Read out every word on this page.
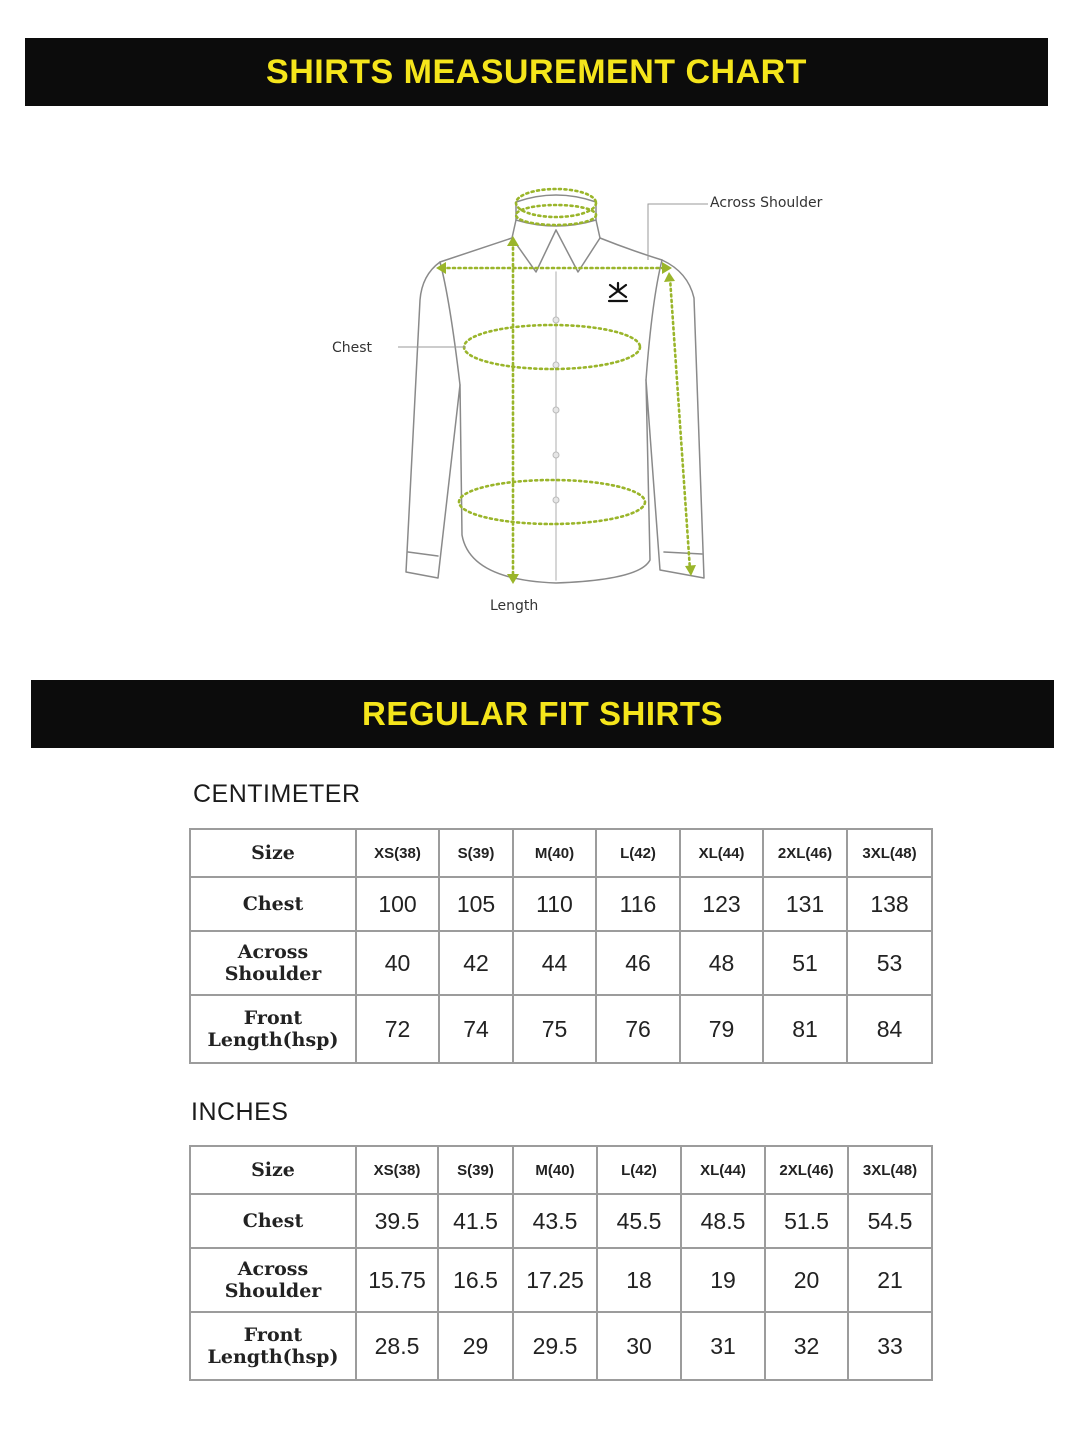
SHIRTS MEASUREMENT CHART
Across Shoulder
Chest
Length
REGULAR FIT SHIRTS
CENTIMETER
Size	XS(38)	S(39)	M(40)	L(42)	XL(44)	2XL(46)	3XL(48)
Chest	100	105	110	116	123	131	138
Across Shoulder	40	42	44	46	48	51	53
Front Length(hsp)	72	74	75	76	79	81	84
INCHES
Size	XS(38)	S(39)	M(40)	L(42)	XL(44)	2XL(46)	3XL(48)
Chest	39.5	41.5	43.5	45.5	48.5	51.5	54.5
Across Shoulder	15.75	16.5	17.25	18	19	20	21
Front Length(hsp)	28.5	29	29.5	30	31	32	33
